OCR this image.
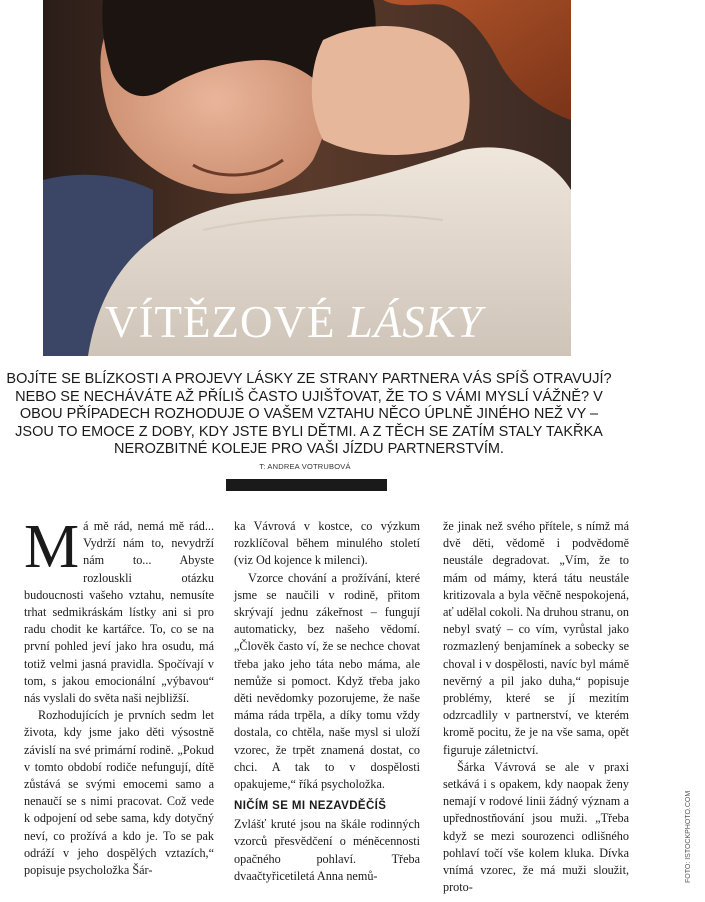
VÍTĚZOVÉ LÁSKY

BOJÍTE SE BLÍZKOSTI A PROJEVY LÁSKY ZE STRANY PARTNERA VÁS SPÍŠ OTRAVUJÍ? NEBO SE NECHÁVÁTE AŽ PŘÍLIŠ ČASTO UJIŠŤOVAT, ŽE TO S VÁMI MYSLÍ VÁŽNĚ? V OBOU PŘÍPADECH ROZHODUJE O VAŠEM VZTAHU NĚCO ÚPLNĚ JINÉHO NEŽ VY – JSOU TO EMOCE Z DOBY, KDY JSTE BYLI DĚTMI. A Z TĚCH SE ZATÍM STALY TAKŘKA NEROZBITNÉ KOLEJE PRO VAŠI JÍZDU PARTNERSTVÍM.

T: ANDREA VOTRUBOVÁ

Má mě rád, nemá mě rád... Vydrží nám to, nevydrží nám to... Abyste rozlouskli otázku budoucnosti vašeho vztahu, nemusíte trhat sedmikráskám lístky ani si pro radu chodit ke kartářce. To, co se na první pohled jeví jako hra osudu, má totiž velmi jasná pravidla. Spočívají v tom, s jakou emocionální „výbavou“ nás vyslali do světa naši nejbližší.

Rozhodujících je prvních sedm let života, kdy jsme jako děti výsostně závislí na své primární rodině. „Pokud v tomto období rodiče nefungují, dítě zůstává se svými emocemi samo a nenaučí se s nimi pracovat. Což vede k odpojení od sebe sama, kdy dotyčný neví, co prožívá a kdo je. To se pak odráží v jeho dospělých vztazích,“ popisuje psycholožka Šár-

ka Vávrová v kostce, co výzkum rozklíčoval během minulého století (viz Od kojence k milenci).

Vzorce chování a prožívání, které jsme se naučili v rodině, přitom skrývají jednu zákeřnost – fungují automaticky, bez našeho vědomí. „Člověk často ví, že se nechce chovat třeba jako jeho táta nebo máma, ale nemůže si pomoct. Když třeba jako děti nevědomky pozorujeme, že naše máma ráda trpěla, a díky tomu vždy dostala, co chtěla, naše mysl si uloží vzorec, že trpět znamená dostat, co chci. A tak to v dospělosti opakujeme,“ říká psycholožka.

NIČÍM SE MI NEZAVDĚČÍŠ

Zvlášť kruté jsou na škále rodinných vzorců přesvědčení o méněcennosti opačného pohlaví. Třeba dvaačtyřicetiletá Anna nemů-

že jinak než svého přítele, s nímž má dvě děti, vědomě i podvědomě neustále degradovat. „Vím, že to mám od mámy, která tátu neustále kritizovala a byla věčně nespokojená, ať udělal cokoli. Na druhou stranu, on nebyl svatý – co vím, vyrůstal jako rozmazlený benjamínek a sobecky se choval i v dospělosti, navíc byl mámě nevěrný a pil jako duha,“ popisuje problémy, které se jí mezitím odzrcadlily v partnerství, ve kterém kromě pocitu, že je na vše sama, opět figuruje záletnictví.

Šárka Vávrová se ale v praxi setkává i s opakem, kdy naopak ženy nemají v rodové linii žádný význam a upřednostňování jsou muži. „Třeba když se mezi sourozenci odlišného pohlaví točí vše kolem kluka. Dívka vnímá vzorec, že má muži sloužit, proto-

FOTO: ISTOCKPHOTO.COM
